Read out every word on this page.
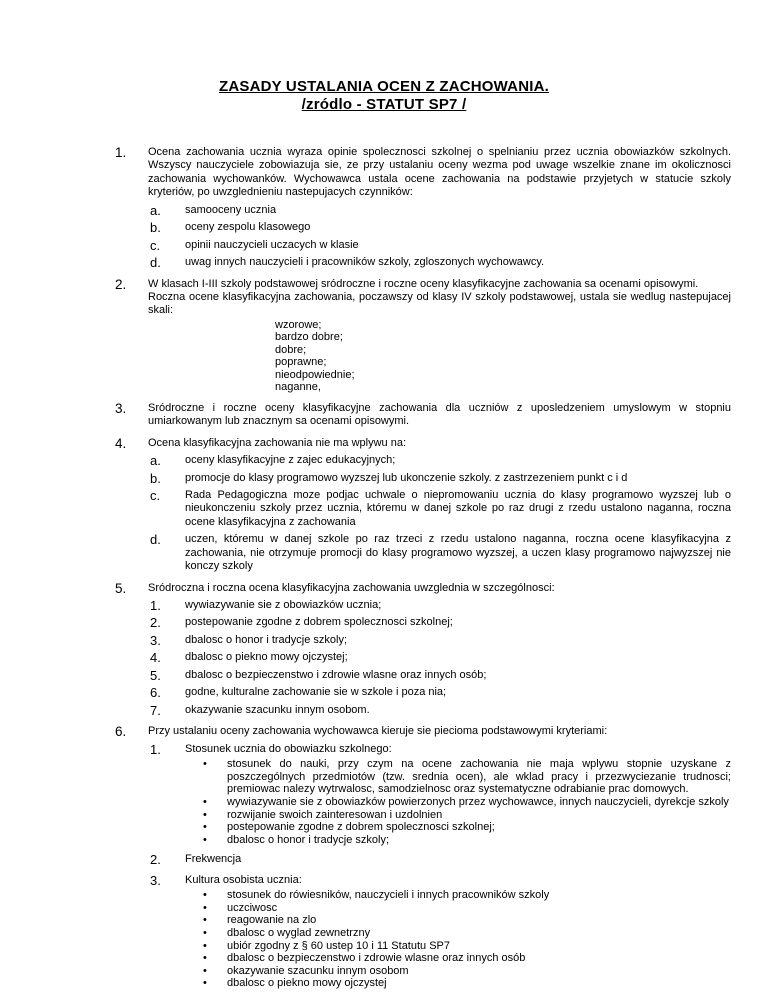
ZASADY USTALANIA OCEN Z ZACHOWANIA.
/zródlo - STATUT SP7 /
1.	Ocena zachowania ucznia wyraza opinie spolecznosci szkolnej o spelnianiu przez ucznia obowiazków szkolnych. Wszyscy nauczyciele zobowiazuja sie, ze przy ustalaniu oceny wezma pod uwage wszelkie znane im okolicznosci zachowania wychowanków. Wychowawca ustala ocene zachowania na podstawie przyjetych w statucie szkoly kryteriów, po uwzglednieniu nastepujacych czynników:
a.	samooceny ucznia
b.	oceny zespolu klasowego
c.	opinii nauczycieli uczacych w klasie
d.	uwag innych nauczycieli i pracowników szkoly, zgloszonych wychowawcy.
2.	W klasach I-III szkoly podstawowej sródroczne i roczne oceny klasyfikacyjne zachowania sa ocenami opisowymi.
Roczna ocene klasyfikacyjna zachowania, poczawszy od klasy IV szkoly podstawowej, ustala sie wedlug nastepujacej skali:
wzorowe;
bardzo dobre;
dobre;
poprawne;
nieodpowiednie;
naganne,
3.	Sródroczne i roczne oceny klasyfikacyjne zachowania dla uczniów z uposledzeniem umyslowym w stopniu umiarkowanym lub znacznym sa ocenami opisowymi.
4.	Ocena klasyfikacyjna zachowania nie ma wplywu na:
a.	oceny klasyfikacyjne z zajec edukacyjnych;
b.	promocje do klasy programowo wyzszej lub ukonczenie szkoly. z zastrzezeniem punkt c i d
c.	Rada Pedagogiczna moze podjac uchwale o niepromowaniu ucznia do klasy programowo wyzszej lub o nieukonczeniu szkoly przez ucznia, któremu w danej szkole po raz drugi z rzedu ustalono naganna, roczna ocene klasyfikacyjna z zachowania
d.	uczen, któremu w danej szkole po raz trzeci z rzedu ustalono naganna, roczna ocene klasyfikacyjna z zachowania, nie otrzymuje promocji do klasy programowo wyzszej, a uczen klasy programowo najwyzszej nie konczy szkoly
5.	Sródroczna i roczna ocena klasyfikacyjna zachowania uwzglednia w szczególnosci:
1.	wywiazywanie sie z obowiazków ucznia;
2.	postepowanie zgodne z dobrem spolecznosci szkolnej;
3.	dbalosc o honor i tradycje szkoly;
4.	dbalosc o piekno mowy ojczystej;
5.	dbalosc o bezpieczenstwo i zdrowie wlasne oraz innych osób;
6.	godne, kulturalne zachowanie sie w szkole i poza nia;
7.	okazywanie szacunku innym osobom.
6.	Przy ustalaniu oceny zachowania wychowawca kieruje sie piecioma podstawowymi kryteriami:
1.	Stosunek ucznia do obowiazku szkolnego:
•	stosunek do nauki, przy czym na ocene zachowania nie maja wplywu stopnie uzyskane z poszczególnych przedmiotów (tzw. srednia ocen), ale wklad pracy i przezwyciezanie trudnosci; premiowac nalezy wytrwalosc, samodzielnosc oraz systematyczne odrabianie prac domowych.
•	wywiazywanie sie z obowiazków powierzonych przez wychowawce, innych nauczycieli, dyrekcje szkoly
•	rozwijanie swoich zainteresowan i uzdolnien
•	postepowanie zgodne z dobrem spolecznosci szkolnej;
•	dbalosc o honor i tradycje szkoly;
2.	Frekwencja
3.	Kultura osobista ucznia:
•	stosunek do rówiesników, nauczycieli i innych pracowników szkoly
•	uczciwosc
•	reagowanie na zlo
•	dbalosc o wyglad zewnetrzny
•	ubiór zgodny z § 60 ustep 10 i 11 Statutu SP7
•	dbalosc o bezpieczenstwo i zdrowie wlasne oraz innych osób
•	okazywanie szacunku innym osobom
•	dbalosc o piekno mowy ojczystej
